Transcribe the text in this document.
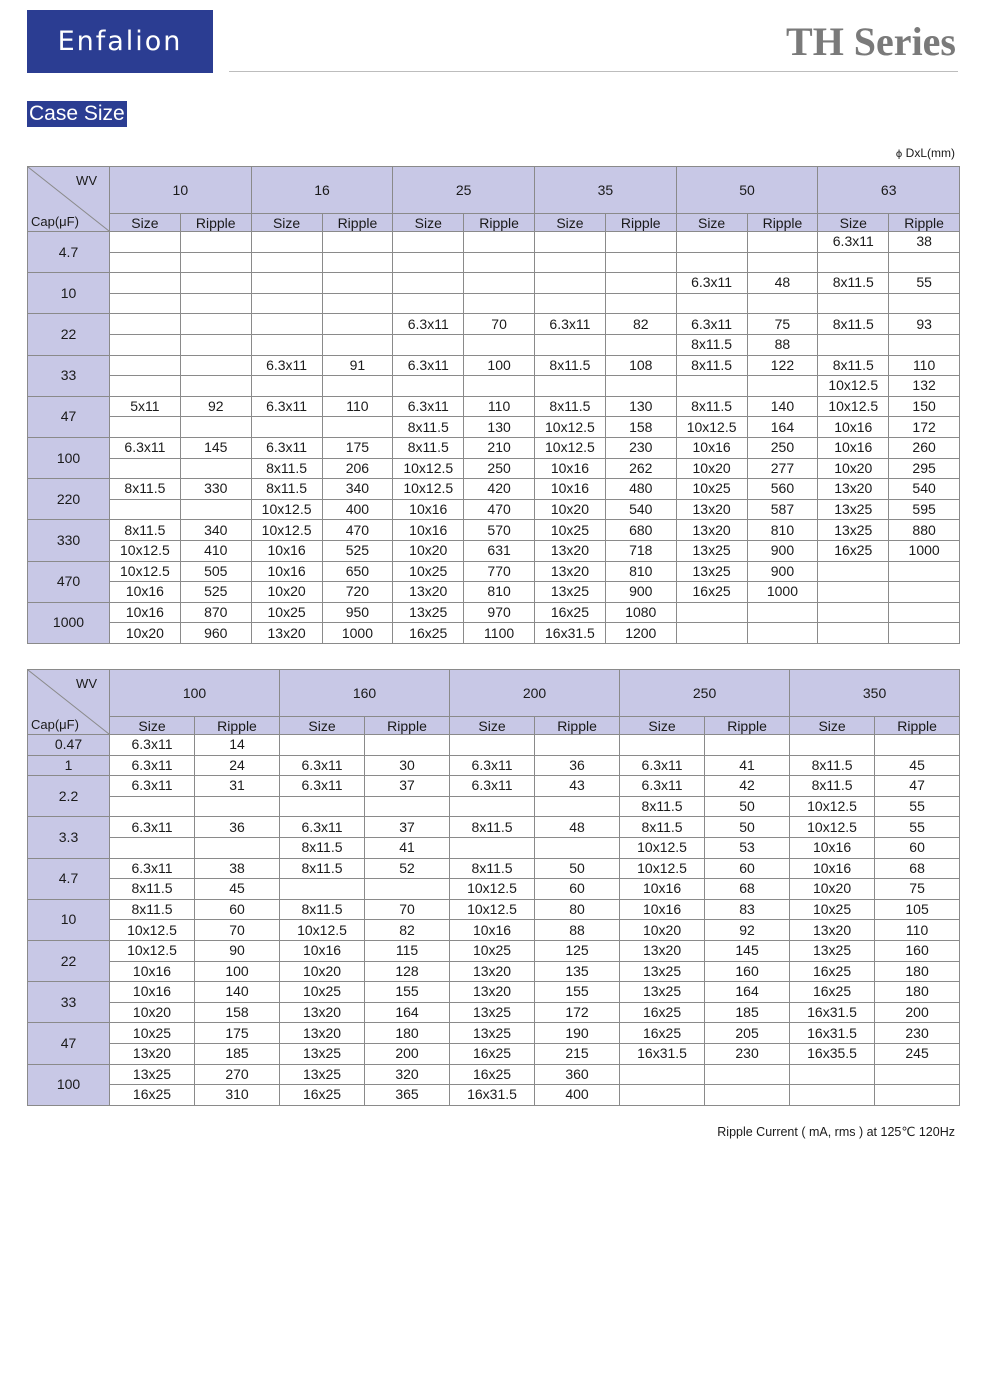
Enfalion	TH Series
Case Size
ϕ DxL(mm)
WV
Cap(μF)	10		16		25		35		50		63	
	Size	Ripple	Size	Ripple	Size	Ripple	Size	Ripple	Size	Ripple	Size	Ripple
4.7											6.3x11	38

10									6.3x11	48	8x11.5	55

22					6.3x11	70	6.3x11	82	6.3x11	75	8x11.5	93
									8x11.5	88		
33			6.3x11	91	6.3x11	100	8x11.5	108	8x11.5	122	8x11.5	110
											10x12.5	132
47	5x11	92	6.3x11	110	6.3x11	110	8x11.5	130	8x11.5	140	10x12.5	150
					8x11.5	130	10x12.5	158	10x12.5	164	10x16	172
100	6.3x11	145	6.3x11	175	8x11.5	210	10x12.5	230	10x16	250	10x16	260
			8x11.5	206	10x12.5	250	10x16	262	10x20	277	10x20	295
220	8x11.5	330	8x11.5	340	10x12.5	420	10x16	480	10x25	560	13x20	540
			10x12.5	400	10x16	470	10x20	540	13x20	587	13x25	595
330	8x11.5	340	10x12.5	470	10x16	570	10x25	680	13x20	810	13x25	880
	10x12.5	410	10x16	525	10x20	631	13x20	718	13x25	900	16x25	1000
470	10x12.5	505	10x16	650	10x25	770	13x20	810	13x25	900		
	10x16	525	10x20	720	13x20	810	13x25	900	16x25	1000		
1000	10x16	870	10x25	950	13x25	970	16x25	1080				
	10x20	960	13x20	1000	16x25	1100	16x31.5	1200				
WV
Cap(μF)	100		160		200		250		350	
	Size	Ripple	Size	Ripple	Size	Ripple	Size	Ripple	Size	Ripple
0.47	6.3x11	14								
1	6.3x11	24	6.3x11	30	6.3x11	36	6.3x11	41	8x11.5	45
2.2	6.3x11	31	6.3x11	37	6.3x11	43	6.3x11	42	8x11.5	47
							8x11.5	50	10x12.5	55
3.3	6.3x11	36	6.3x11	37	8x11.5	48	8x11.5	50	10x12.5	55
			8x11.5	41			10x12.5	53	10x16	60
4.7	6.3x11	38	8x11.5	52	8x11.5	50	10x12.5	60	10x16	68
	8x11.5	45			10x12.5	60	10x16	68	10x20	75
10	8x11.5	60	8x11.5	70	10x12.5	80	10x16	83	10x25	105
	10x12.5	70	10x12.5	82	10x16	88	10x20	92	13x20	110
22	10x12.5	90	10x16	115	10x25	125	13x20	145	13x25	160
	10x16	100	10x20	128	13x20	135	13x25	160	16x25	180
33	10x16	140	10x25	155	13x20	155	13x25	164	16x25	180
	10x20	158	13x20	164	13x25	172	16x25	185	16x31.5	200
47	10x25	175	13x20	180	13x25	190	16x25	205	16x31.5	230
	13x20	185	13x25	200	16x25	215	16x31.5	230	16x35.5	245
100	13x25	270	13x25	320	16x25	360				
	16x25	310	16x25	365	16x31.5	400				
Ripple Current ( mA, rms ) at 125℃ 120Hz
